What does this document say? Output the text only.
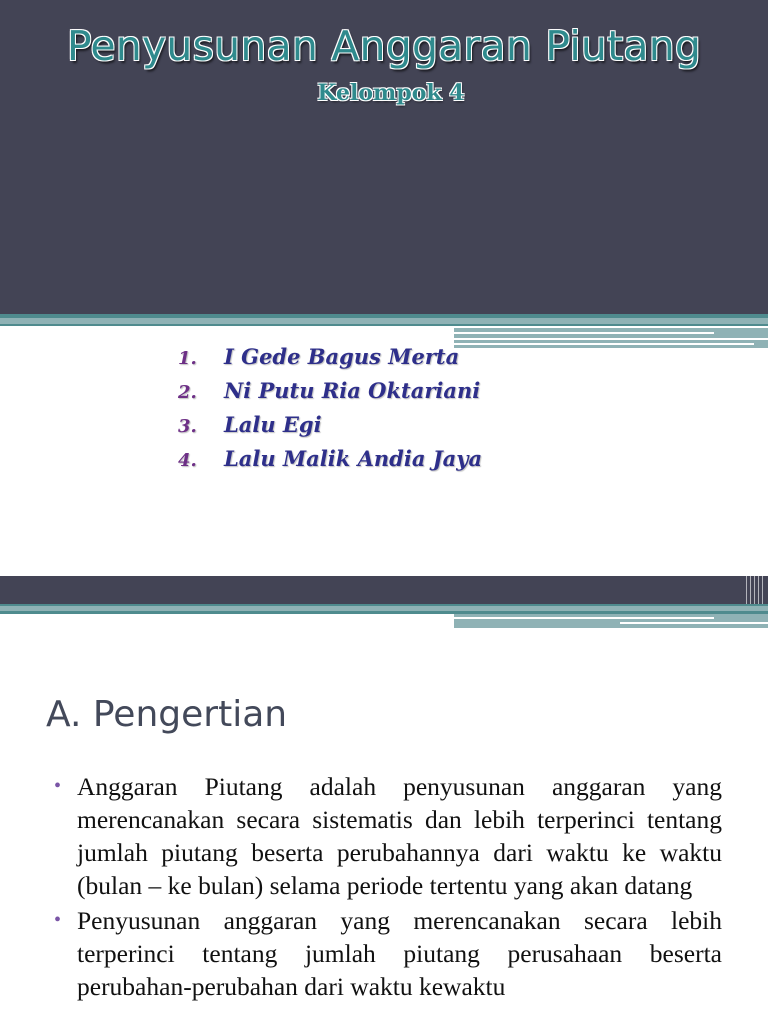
Penyusunan Anggaran Piutang
Kelompok 4
1. I Gede Bagus Merta
2. Ni Putu Ria Oktariani
3. Lalu Egi
4. Lalu Malik Andia Jaya
A. Pengertian
• Anggaran Piutang adalah penyusunan anggaran yang merencanakan secara sistematis dan lebih terperinci tentang jumlah piutang beserta perubahannya dari waktu ke waktu (bulan – ke bulan) selama periode tertentu yang akan datang
• Penyusunan anggaran yang merencanakan secara lebih terperinci tentang jumlah piutang perusahaan beserta perubahan-perubahan dari waktu kewaktu
